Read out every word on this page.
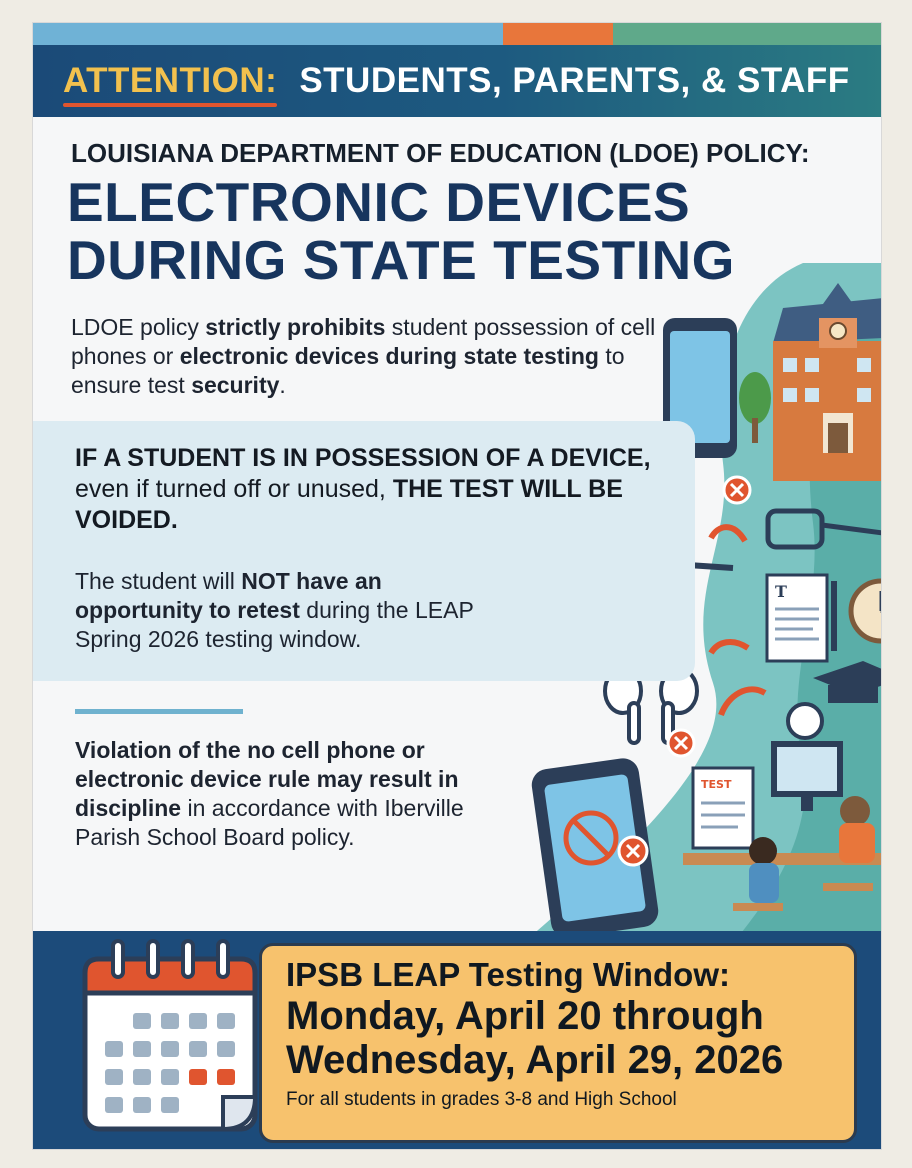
ATTENTION: STUDENTS, PARENTS, & STAFF
T
TEST
LOUISIANA DEPARTMENT OF EDUCATION (LDOE) POLICY:
ELECTRONIC DEVICES
DURING STATE TESTING

LDOE policy strictly prohibits student possession of cell phones or electronic devices during state testing to ensure test security.

IF A STUDENT IS IN POSSESSION OF A DEVICE, even if turned off or unused, THE TEST WILL BE VOIDED.

The student will NOT have an opportunity to retest during the LEAP Spring 2026 testing window.

Violation of the no cell phone or electronic device rule may result in discipline in accordance with Iberville Parish School Board policy.

IPSB LEAP Testing Window:
Monday, April 20 through
Wednesday, April 29, 2026
For all students in grades 3-8 and High School
